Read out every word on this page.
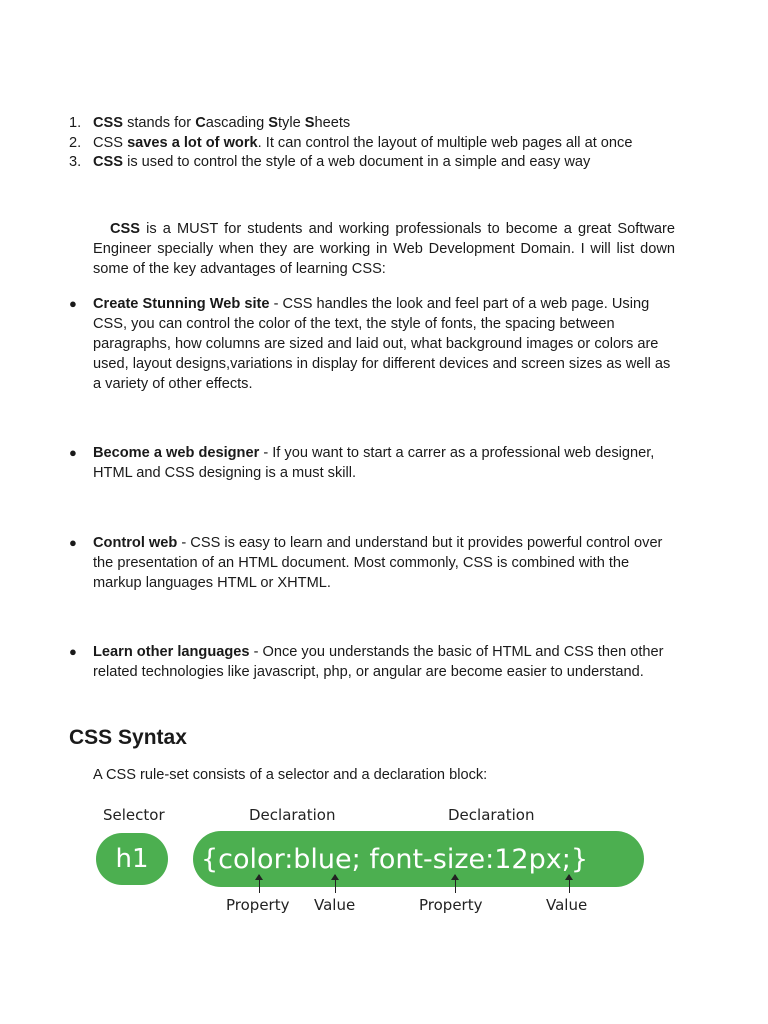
1. CSS stands for Cascading Style Sheets
2. CSS saves a lot of work. It can control the layout of multiple web pages all at once
3. CSS is used to control the style of a web document in a simple and easy way
CSS is a MUST for students and working professionals to become a great Software Engineer specially when they are working in Web Development Domain. I will list down some of the key advantages of learning CSS:
●	Create Stunning Web site - CSS handles the look and feel part of a web page. Using CSS, you can control the color of the text, the style of fonts, the spacing between paragraphs, how columns are sized and laid out, what background images or colors are used, layout designs,variations in display for different devices and screen sizes as well as a variety of other effects.
●	Become a web designer - If you want to start a carrer as a professional web designer, HTML and CSS designing is a must skill.
●	Control web - CSS is easy to learn and understand but it provides powerful control over the presentation of an HTML document. Most commonly, CSS is combined with the markup languages HTML or XHTML.
●	Learn other languages - Once you understands the basic of HTML and CSS then other related technologies like javascript, php, or angular are become easier to understand.
CSS Syntax
A CSS rule-set consists of a selector and a declaration block:
Selector	Declaration	Declaration
h1	{color:blue; font-size:12px;}
Property Value	Property	Value
